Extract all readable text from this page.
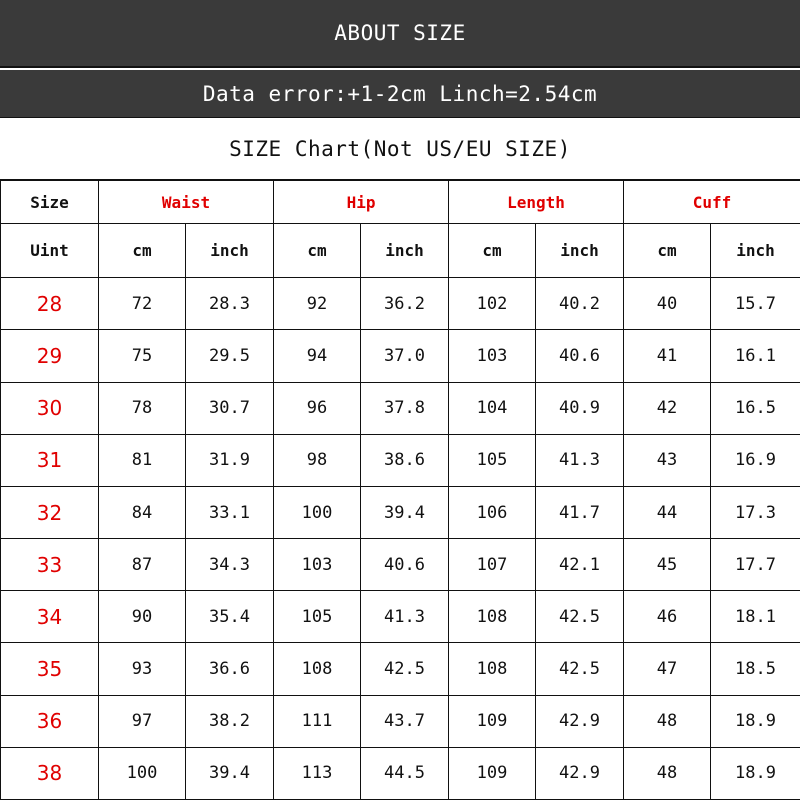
ABOUT SIZE
Data error:+1-2cm Linch=2.54cm
SIZE Chart(Not US/EU SIZE)
Size	Waist		Hip		Length		Cuff	
Uint	cm	inch	cm	inch	cm	inch	cm	inch
28	72	28.3	92	36.2	102	40.2	40	15.7
29	75	29.5	94	37.0	103	40.6	41	16.1
30	78	30.7	96	37.8	104	40.9	42	16.5
31	81	31.9	98	38.6	105	41.3	43	16.9
32	84	33.1	100	39.4	106	41.7	44	17.3
33	87	34.3	103	40.6	107	42.1	45	17.7
34	90	35.4	105	41.3	108	42.5	46	18.1
35	93	36.6	108	42.5	108	42.5	47	18.5
36	97	38.2	111	43.7	109	42.9	48	18.9
38	100	39.4	113	44.5	109	42.9	48	18.9
